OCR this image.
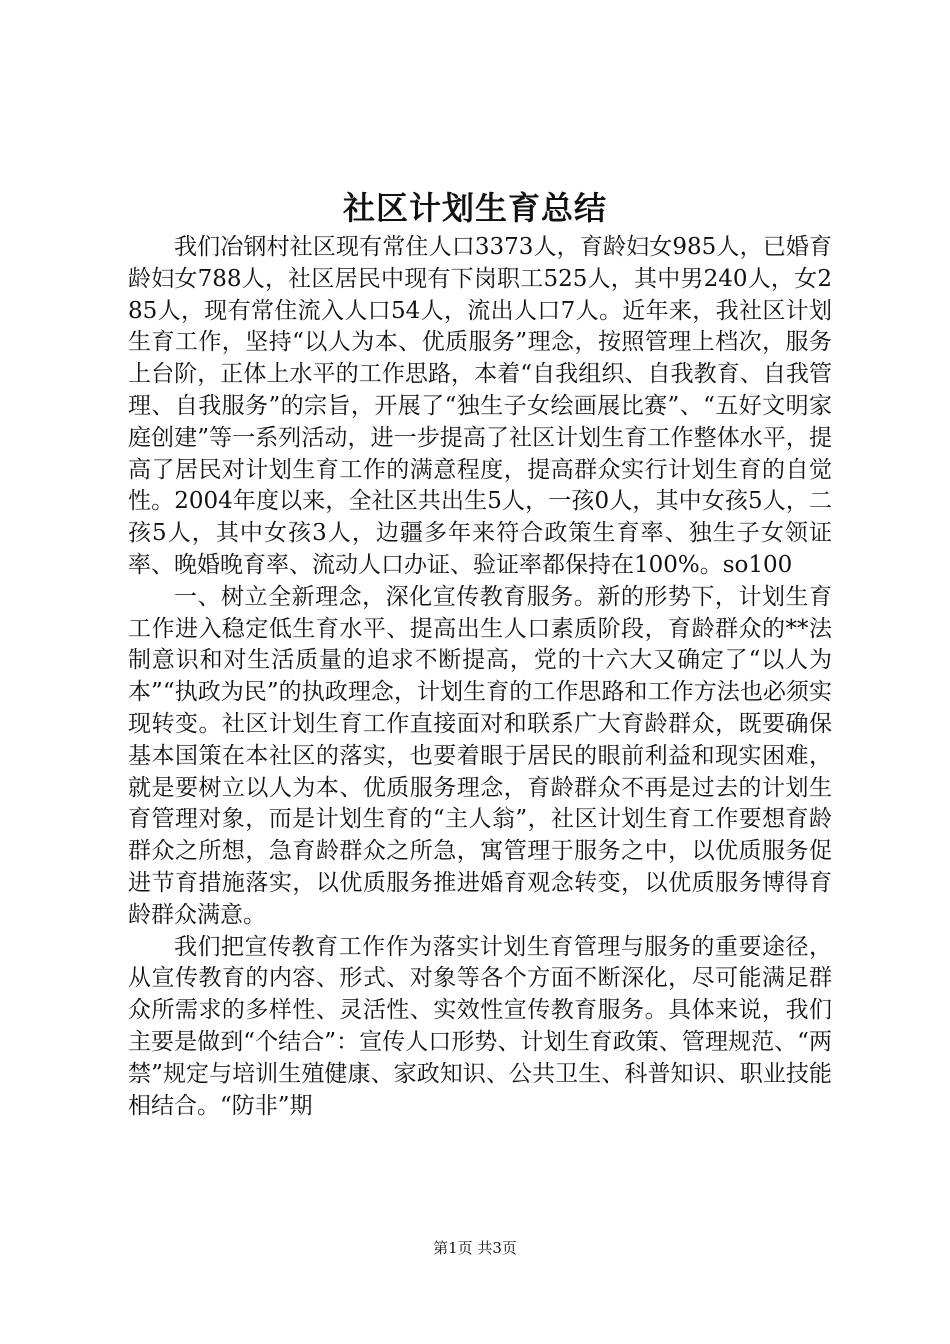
社区计划生育总结

我们冶钢村社区现有常住人口3373人，育龄妇女985人，已婚育龄妇女788人，社区居民中现有下岗职工525人，其中男240人，女285人，现有常住流入人口54人，流出人口7人。近年来，我社区计划生育工作，坚持“以人为本、优质服务”理念，按照管理上档次，服务上台阶，正体上水平的工作思路，本着“自我组织、自我教育、自我管理、自我服务”的宗旨，开展了“独生子女绘画展比赛”、“五好文明家庭创建”等一系列活动，进一步提高了社区计划生育工作整体水平，提高了居民对计划生育工作的满意程度，提高群众实行计划生育的自觉性。2004年度以来，全社区共出生5人，一孩0人，其中女孩5人，二孩5人，其中女孩3人，边疆多年来符合政策生育率、独生子女领证率、晚婚晚育率、流动人口办证、验证率都保持在100%。so100

一、树立全新理念，深化宣传教育服务。新的形势下，计划生育工作进入稳定低生育水平、提高出生人口素质阶段，育龄群众的**法制意识和对生活质量的追求不断提高，党的十六大又确定了“以人为本”“执政为民”的执政理念，计划生育的工作思路和工作方法也必须实现转变。社区计划生育工作直接面对和联系广大育龄群众，既要确保基本国策在本社区的落实，也要着眼于居民的眼前利益和现实困难，就是要树立以人为本、优质服务理念，育龄群众不再是过去的计划生育管理对象，而是计划生育的“主人翁”，社区计划生育工作要想育龄群众之所想，急育龄群众之所急，寓管理于服务之中，以优质服务促进节育措施落实，以优质服务推进婚育观念转变，以优质服务博得育龄群众满意。

我们把宣传教育工作作为落实计划生育管理与服务的重要途径，从宣传教育的内容、形式、对象等各个方面不断深化，尽可能满足群众所需求的多样性、灵活性、实效性宣传教育服务。具体来说，我们主要是做到“个结合”：宣传人口形势、计划生育政策、管理规范、“两禁”规定与培训生殖健康、家政知识、公共卫生、科普知识、职业技能相结合。“防非”期

第1页 共3页
